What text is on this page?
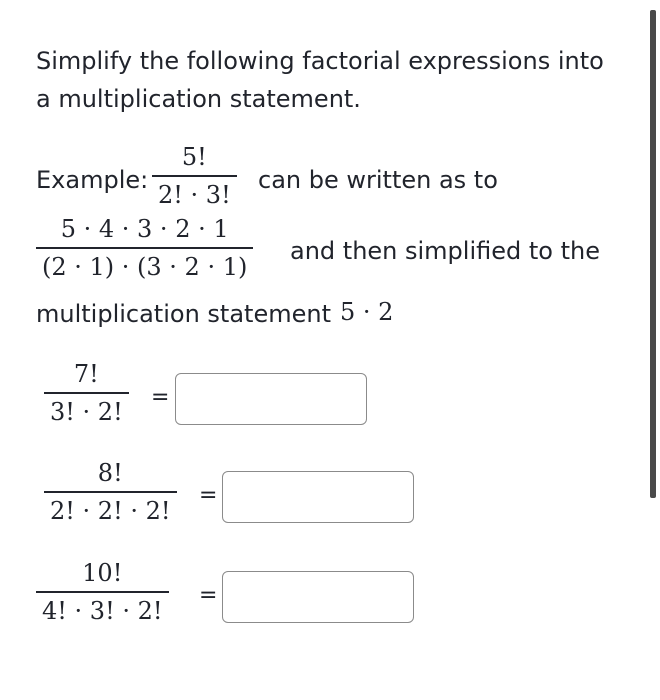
Simplify the following factorial expressions into a multiplication statement.
Example:
5!
2! · 3!
can be written as to
5 · 4 · 3 · 2 · 1
(2 · 1) · (3 · 2 · 1)
and then simplified to the
multiplication statement 5 · 2
7!
3! · 2!
=
8!
2! · 2! · 2!
=
10!
4! · 3! · 2!
=
